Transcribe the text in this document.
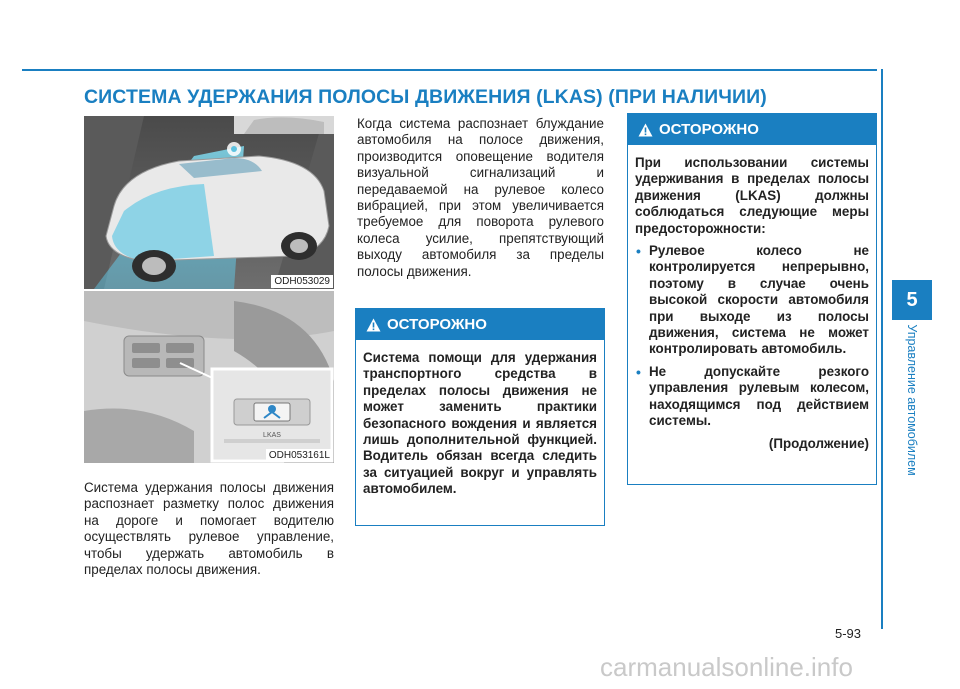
СИСТЕМА УДЕРЖАНИЯ ПОЛОСЫ ДВИЖЕНИЯ (LKAS) (ПРИ НАЛИЧИИ)
5
Управление автомобилем
ODH053029
LKAS
ODH053161L
Система удержания полосы движения распознает разметку полос движения на дороге и помогает водителю осуществлять рулевое управление, чтобы удержать автомобиль в пределах полосы движения.
Когда система распознает блуждание автомобиля на полосе движения, производится оповещение водителя визуальной сигнализаций и передаваемой на рулевое колесо вибрацией, при этом увеличивается требуемое для поворота рулевого колеса усилие, препятствующий выходу автомобиля за пределы полосы движения.
ОСТОРОЖНО
Система помощи для удержания транспортного средства в пределах полосы движения не может заменить практики безопасного вождения и является лишь дополнительной функцией. Водитель обязан всегда следить за ситуацией вокруг и управлять автомобилем.
ОСТОРОЖНО
При использовании системы удерживания в пределах полосы движения (LKAS) должны соблюдаться следующие меры предосторожности:
• Рулевое колесо не контролируется непрерывно, поэтому в случае очень высокой скорости автомобиля при выходе из полосы движения, система не может контролировать автомобиль.
• Не допускайте резкого управления рулевым колесом, находящимся под действием системы.
(Продолжение)
5-93
carmanualsonline.info
